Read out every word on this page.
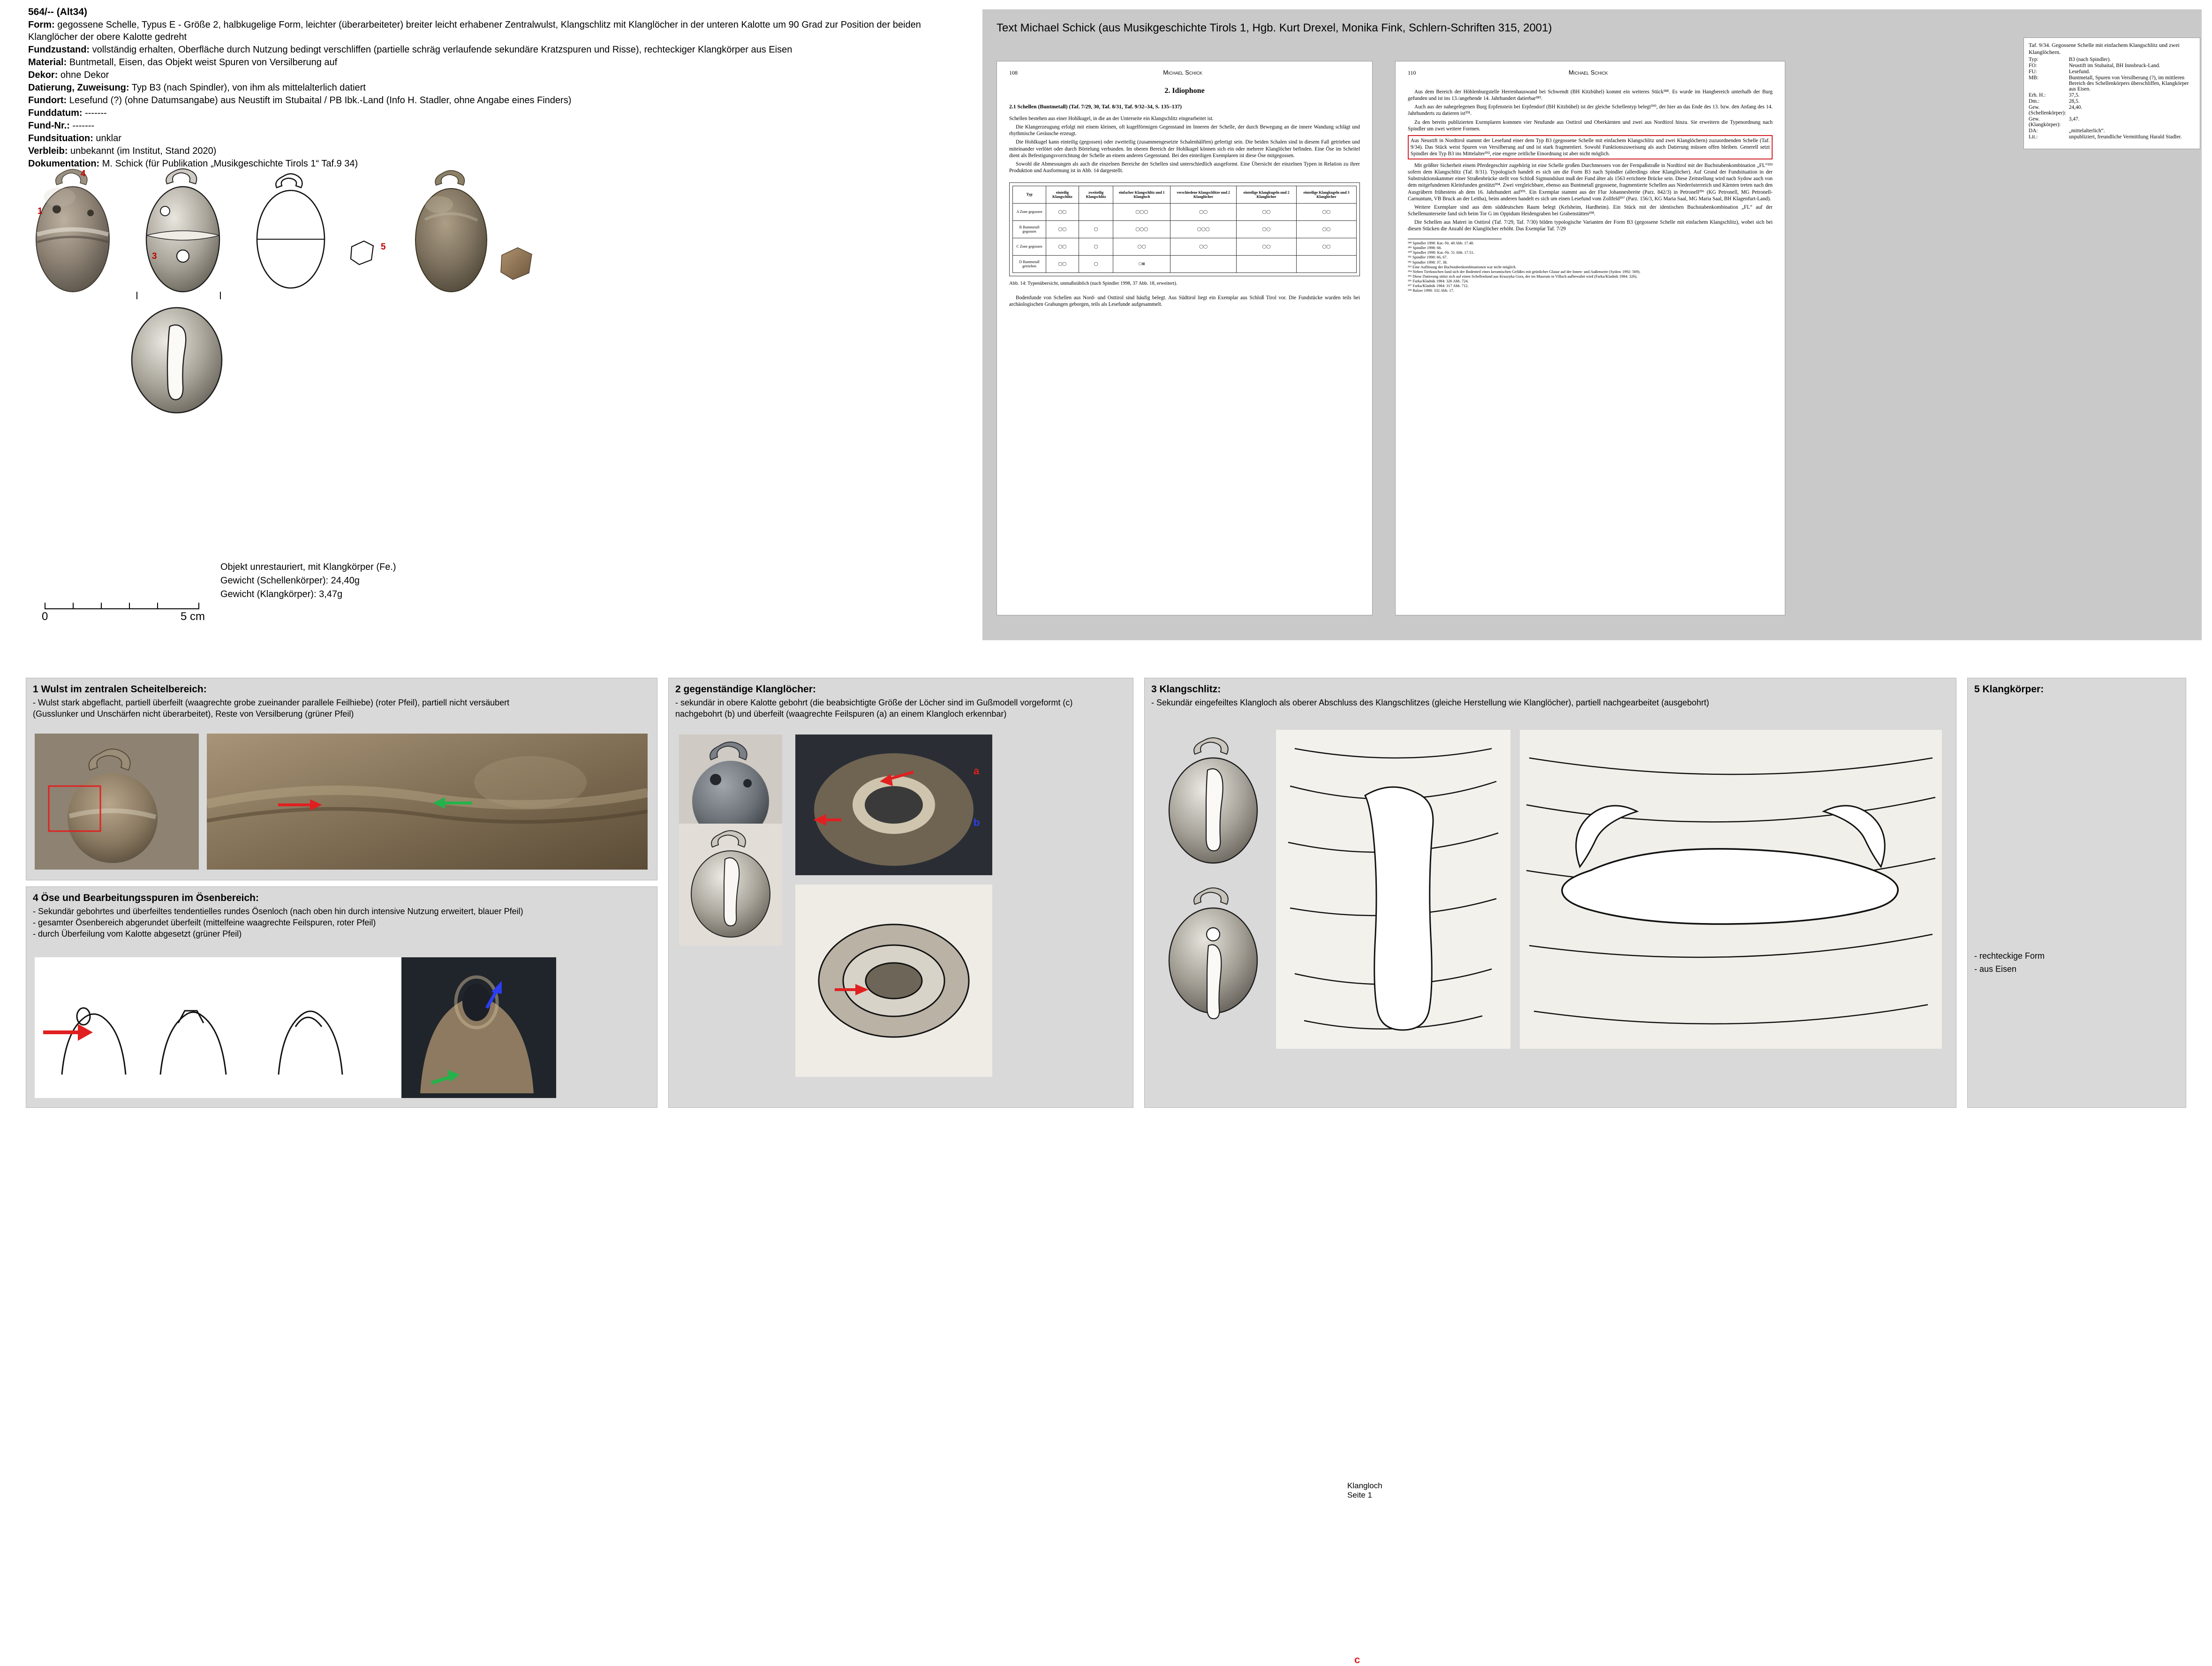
564/-- (Alt34)
Form: gegossene Schelle, Typus E - Größe 2, halbkugelige Form, leichter (überarbeiteter) breiter leicht erhabener Zentralwulst, Klangschlitz mit Klanglöcher in der unteren Kalotte um 90 Grad zur Position der beiden Klanglöcher der obere Kalotte gedreht
Fundzustand: vollständig erhalten, Oberfläche durch Nutzung bedingt verschliffen (partielle schräg verlaufende sekundäre Kratzspuren und Risse), rechteckiger Klangkörper aus Eisen
Material: Buntmetall, Eisen, das Objekt weist Spuren von Versilberung auf
Dekor: ohne Dekor
Datierung, Zuweisung: Typ B3 (nach Spindler), von ihm als mittelalterlich datiert
Fundort: Lesefund (?) (ohne Datumsangabe) aus Neustift im Stubaital / PB Ibk.-Land (Info H. Stadler, ohne Angabe eines Finders)
Funddatum: -------
Fund-Nr.: -------
Fundsituation: unklar
Verbleib: unbekannt (im Institut, Stand 2020)
Dokumentation: M. Schick (für Publikation „Musikgeschichte Tirols 1“ Taf.9 34)
4
1
3
5
Objekt unrestauriert, mit Klangkörper (Fe.)
Gewicht (Schellenkörper): 24,40g
Gewicht (Klangkörper): 3,47g
0	5 cm
Text Michael Schick (aus Musikgeschichte Tirols 1, Hgb. Kurt Drexel, Monika Fink, Schlern-Schriften 315, 2001)
108	Michael Schick
2. Idiophone
2.1 Schellen (Buntmetall) (Taf. 7/29, 30, Taf. 8/31, Taf. 9/32–34, S. 135–137)
Schellen bestehen aus einer Hohlkugel, in die an der Unterseite ein Klangschlitz eingearbeitet ist.
Die Klangerzeugung erfolgt mit einem kleinen, oft kugelförmigen Gegenstand im Inneren der Schelle, der durch Bewegung an die innere Wandung schlägt und rhythmische Geräusche erzeugt.
Die Hohlkugel kann einteilig (gegossen) oder zweiteilig (zusammengesetzte Schalenhälften) gefertigt sein. Die beiden Schalen sind in diesem Fall getrieben und miteinander verlötet oder durch Börtelung verbunden. Im oberen Bereich der Hohlkugel können sich ein oder mehrere Klanglöcher befinden. Eine Öse im Scheitel dient als Befestigungsvorrichtung der Schelle an einem anderen Gegenstand. Bei den einteiligen Exemplaren ist diese Öse mitgegossen.
Sowohl die Abmessungen als auch die einzelnen Bereiche der Schellen sind unterschiedlich ausgeformt. Eine Übersicht der einzelnen Typen in Relation zu ihrer Produktion und Ausformung ist in Abb. 14 dargestellt.
Typ	einteilig Klangschlitz	zweiteilig Klangschlitz	einfacher Klangschlitz und 1 Klangloch	verschiedene Klangschlitze und 2 Klanglöcher	einteilige Klangkugeln und 2 Klanglöcher	einteilige Klangkugeln und 3 Klanglöcher
A Zone gegossen	◯◯		◯◯◯	◯◯	◯◯	◯◯
B Buntmetall gegossen	◯◯	◯	◯◯◯	◯◯◯	◯◯	◯◯
C Zone gegossen	◯◯	◯	◯◯	◯◯	◯◯	◯◯
D Buntmetall getrieben	◯◯	◯	⬡⊠			
Abb. 14: Typenübersicht, unmaßstäblich (nach Spindler 1998, 37 Abb. 18, erweitert).
Bodenfunde von Schellen aus Nord- und Osttirol sind häufig belegt. Aus Südtirol liegt ein Exemplar aus Schloß Tirol vor. Die Fundstücke wurden teils bei archäologischen Grabungen geborgen, teils als Lesefunde aufgesammelt.
110	Michael Schick
Aus dem Bereich der Höhlenburgstelle Herrenhauswand bei Schwendt (BH Kitzbühel) kommt ein weiteres Stück³⁸⁸. Es wurde im Hangbereich unterhalb der Burg gefunden und ist ins 13./angehende 14. Jahrhundert datierbar³⁸⁹.
Auch aus der nahegelegenen Burg Erpfenstein bei Erpfendorf (BH Kitzbühel) ist der gleiche Schellentyp belegt³⁹⁰, der hier an das Ende des 13. bzw. den Anfang des 14. Jahrhunderts zu datieren ist³⁹¹.
Zu den bereits publizierten Exemplaren kommen vier Neufunde aus Osttirol und Oberkärnten und zwei aus Nordtirol hinzu. Sie erweitern die Typenordnung nach Spindler um zwei weitere Formen.
Aus Neustift in Nordtirol stammt der Lesefund einer dem Typ B3 (gegossene Schelle mit einfachem Klangschlitz und zwei Klanglöchern) zuzuordnenden Schelle (Taf. 9/34). Das Stück weist Spuren von Versilberung auf und ist stark fragmentiert. Sowohl Funktionszuweisung als auch Datierung müssen offen bleiben. Generell setzt Spindler den Typ B3 ins Mittelalter³⁹², eine engere zeitliche Einordnung ist aber nicht möglich.
Mit größter Sicherheit einem Pferdegeschirr zugehörig ist eine Schelle großen Durchmessers von der Fernpaßstraße in Nordtirol mit der Buchstabenkombination „FL“³⁹³ sofern dem Klangschlitz (Taf. 8/31). Typologisch handelt es sich um die Form B3 nach Spindler (allerdings ohne Klanglöcher). Auf Grund der Fundsituation in der Substruktionskammer einer Straßenbrücke stellt von Schloß Sigmundslust muß der Fund älter als 1563 errichtete Brücke sein. Diese Zeitstellung wird nach Sydow auch von dem mitgefundenen Kleinfunden gestützt³⁹⁴. Zwei vergleichbare, ebenso aus Buntmetall gegossene, fragmentierte Schellen aus Niederösterreich und Kärnten treten nach den Ausgräbern frühestens ab dem 16. Jahrhundert auf³⁹⁵. Ein Exemplar stammt aus der Flur Johannesbreite (Parz. 842/3) in Petronell³⁹⁶ (KG Petronell, MG Petronell-Carnuntum, VB Bruck an der Leitha), beim anderen handelt es sich um einen Lesefund vom Zollfeld³⁹⁷ (Parz. 156/3, KG Maria Saal, MG Maria Saal, BH Klagenfurt-Land).
Weitere Exemplare sind aus dem süddeutschen Raum belegt (Kelsheim, Hardheim). Ein Stück mit der identischen Buchstabenkombination „FL“ auf der Schellenunterseite fand sich beim Tor G im Oppidum Heidengraben bei Grabenstätten³⁹⁸.
Die Schellen aus Matrei in Osttirol (Taf. 7/29, Taf. 7/30) bilden typologische Varianten der Form B3 (gegossene Schelle mit einfachem Klangschlitz), wobei sich bei diesen Stücken die Anzahl der Klanglöcher erhöht. Das Exemplar Taf. 7/29
³⁸⁸ Spindler 1998: Kat.-Nr. 48 Abb. 17.48.
³⁸⁹ Spindler 1998: 66.
³⁹⁰ Spindler 1998: Kat.-Nr. 51 Abb. 17.51.
³⁹¹ Spindler 1998: 66, 67.
³⁹² Spindler 1998: 37, 38.
³⁹³ Eine Auflösung der Buchstabenkombinationen war nicht möglich.
³⁹⁴ Neben Tierknochen fand sich der Bodenteil eines keramischen Gefäßes mit grünlicher Glasur auf der Innen- und Außenseite (Sydow 1992: 569).
³⁹⁵ Diese Datierung stützt sich auf einen Schellenfund aus Kruszyka Gora, der im Museum in Villach aufbewahrt wird (Farka/Kladnik 1984: 326).
³⁹⁶ Farka/Kladnik 1984: 326 Abb. 724.
³⁹⁷ Farka/Kladnik 1984: 317 Abb. 712.
³⁹⁸ Balzer 1998: 332 Abb. 17.
Taf. 9/34. Gegossene Schelle mit einfachem Klangschlitz und zwei Klanglöchern.
Typ:	B3 (nach Spindler).
FO:	Neustift im Stubaital, BH Innsbruck-Land.
FU:	Lesefund.
MB:	Buntmetall, Spuren von Versilberung (?), im mittleren Bereich des Schellenkörpers überschliffen, Klangkörper aus Eisen.
Erh. H.:	37,5.
Dm.:	28,5.
Gew. (Schellenkörper):	24,40.
Gew. (Klangkörper):	3,47.
DA:	„mittelalterlich“.
Lit.:	unpubliziert, freundliche Vermittlung Harald Stadler.
1 Wulst im zentralen Scheitelbereich:
- Wulst stark abgeflacht, partiell überfeilt (waagrechte grobe zueinander parallele Feilhiebe) (roter Pfeil), partiell nicht versäubert
(Gusslunker und Unschärfen nicht überarbeitet), Reste von Versilberung (grüner Pfeil)
4 Öse und Bearbeitungsspuren im Ösenbereich:
- Sekundär gebohrtes und überfeiltes tendentielles rundes Ösenloch (nach oben hin durch intensive Nutzung erweitert, blauer Pfeil)
- gesamter Ösenbereich abgerundet überfeilt (mittelfeine waagrechte Feilspuren, roter Pfeil)
- durch Überfeilung vom Kalotte abgesetzt (grüner Pfeil)
2 gegenständige Klanglöcher:
- sekundär in obere Kalotte gebohrt (die beabsichtigte Größe der Löcher sind im Gußmodell vorgeformt (c)
nachgebohrt (b) und überfeilt (waagrechte Feilspuren (a) an einem Klangloch erkennbar)
Klangloch Seite 1
a
b
c
3 Klangschlitz:
- Sekundär eingefeiltes Klangloch als oberer Abschluss des Klangschlitzes (gleiche Herstellung wie Klanglöcher), partiell nachgearbeitet (ausgebohrt)
5 Klangkörper:
- rechteckige Form
- aus Eisen
